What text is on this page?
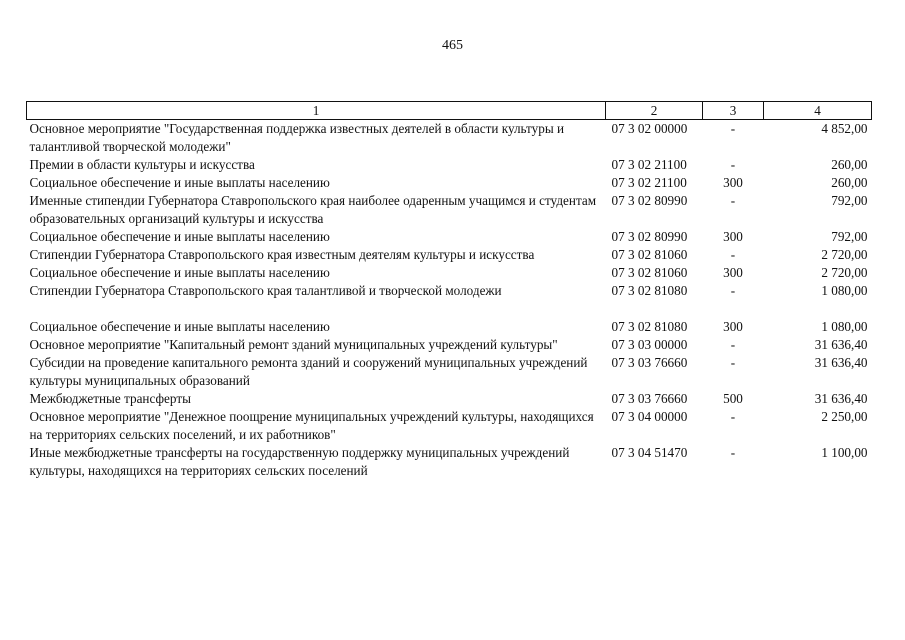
465
1	2	3	4
Основное мероприятие "Государственная поддержка известных деятелей в области культуры и талантливой творческой молодежи"	07 3 02 00000	-	4 852,00
Премии в области культуры и искусства	07 3 02 21100	-	260,00
Социальное обеспечение и иные выплаты населению	07 3 02 21100	300	260,00
Именные стипендии Губернатора Ставропольского края наиболее одаренным учащимся и студентам образовательных организаций культуры и искусства	07 3 02 80990	-	792,00
Социальное обеспечение и иные выплаты населению	07 3 02 80990	300	792,00
Стипендии Губернатора Ставропольского края известным деятелям культуры и искусства	07 3 02 81060	-	2 720,00
Социальное обеспечение и иные выплаты населению	07 3 02 81060	300	2 720,00
Стипендии Губернатора Ставропольского края талантливой и творческой молодежи	07 3 02 81080	-	1 080,00

Социальное обеспечение и иные выплаты населению	07 3 02 81080	300	1 080,00
Основное мероприятие "Капитальный ремонт зданий муниципальных учреждений культуры"	07 3 03 00000	-	31 636,40
Субсидии на проведение капитального ремонта зданий и сооружений муниципальных учреждений культуры муниципальных образований	07 3 03 76660	-	31 636,40
Межбюджетные трансферты	07 3 03 76660	500	31 636,40
Основное мероприятие "Денежное поощрение муниципальных учреждений культуры, находящихся на территориях сельских поселений, и их работников"	07 3 04 00000	-	2 250,00
Иные межбюджетные трансферты на государственную поддержку муниципальных учреждений культуры, находящихся на территориях сельских поселений	07 3 04 51470	-	1 100,00
